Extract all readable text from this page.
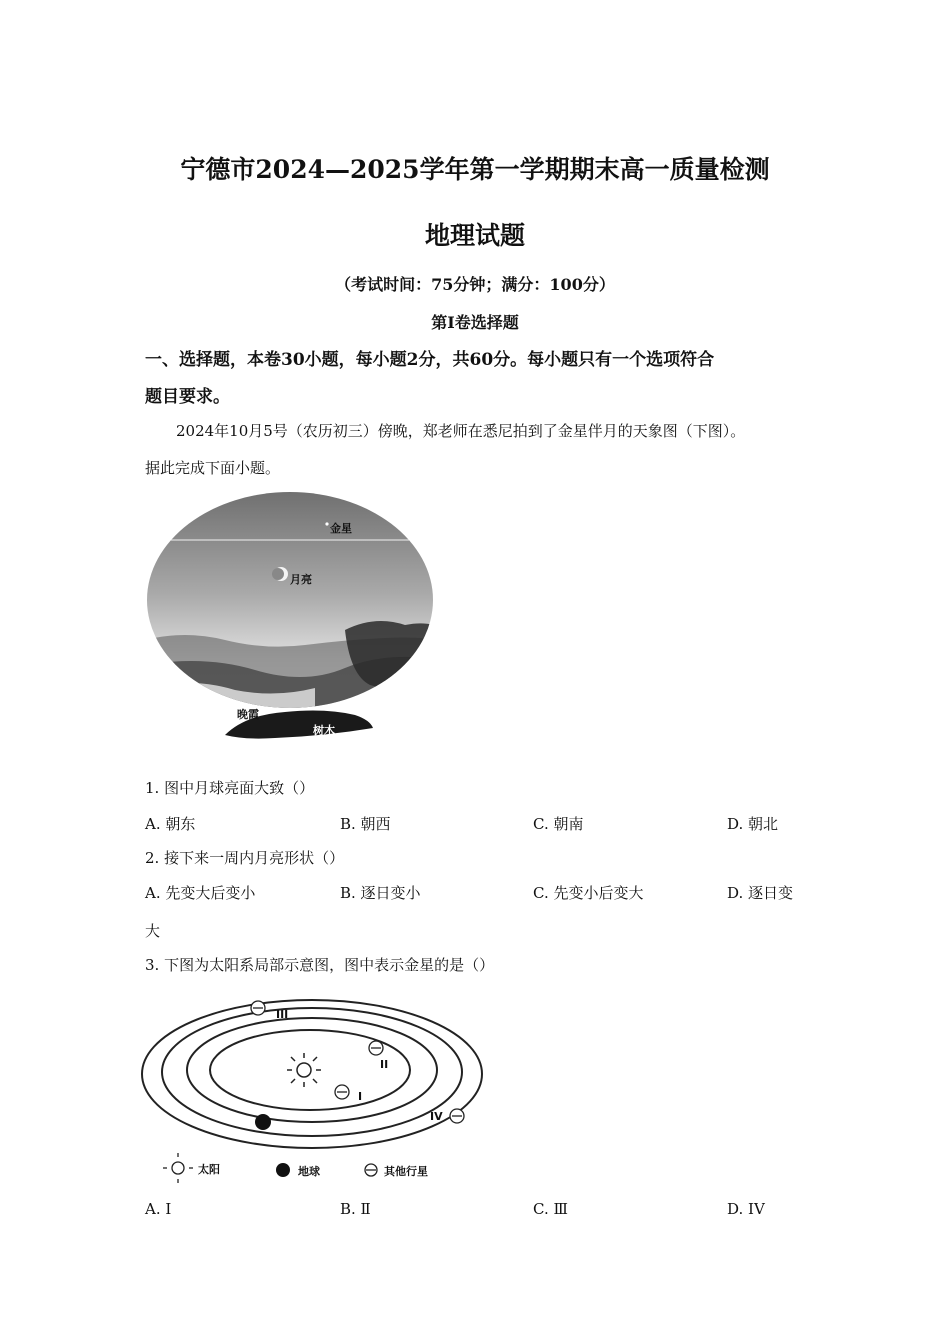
宁德市2024—2025学年第一学期期末高一质量检测
地理试题
（考试时间：75分钟；满分：100分）
第I卷选择题
一、选择题，本卷30小题，每小题2分，共60分。每小题只有一个选项符合
题目要求。
2024年10月5号（农历初三）傍晚，郑老师在悉尼拍到了金星伴月的天象图（下图）。
据此完成下面小题。
金星
月亮
晚霞
树木
1. 图中月球亮面大致（）
A. 朝东	B. 朝西	C. 朝南	D. 朝北
2. 接下来一周内月亮形状（）
A. 先变大后变小	B. 逐日变小	C. 先变小后变大	D. 逐日变
大
3. 下图为太阳系局部示意图，图中表示金星的是（）
I
II
III
IV
太阳	地球	其他行星
A. I	B. Ⅱ	C. Ⅲ	D. IV
